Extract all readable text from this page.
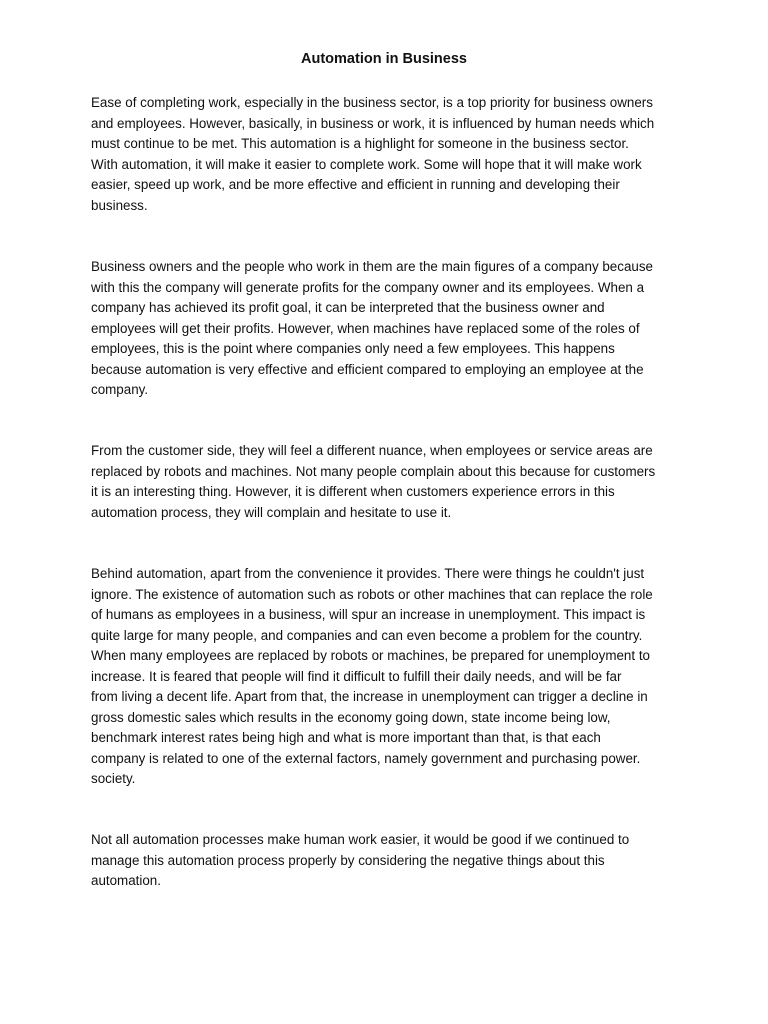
Automation in Business

Ease of completing work, especially in the business sector, is a top priority for business owners
and employees. However, basically, in business or work, it is influenced by human needs which
must continue to be met. This automation is a highlight for someone in the business sector.
With automation, it will make it easier to complete work. Some will hope that it will make work
easier, speed up work, and be more effective and efficient in running and developing their
business.

Business owners and the people who work in them are the main figures of a company because
with this the company will generate profits for the company owner and its employees. When a
company has achieved its profit goal, it can be interpreted that the business owner and
employees will get their profits. However, when machines have replaced some of the roles of
employees, this is the point where companies only need a few employees. This happens
because automation is very effective and efficient compared to employing an employee at the
company.

From the customer side, they will feel a different nuance, when employees or service areas are
replaced by robots and machines. Not many people complain about this because for customers
it is an interesting thing. However, it is different when customers experience errors in this
automation process, they will complain and hesitate to use it.

Behind automation, apart from the convenience it provides. There were things he couldn't just
ignore. The existence of automation such as robots or other machines that can replace the role
of humans as employees in a business, will spur an increase in unemployment. This impact is
quite large for many people, and companies and can even become a problem for the country.
When many employees are replaced by robots or machines, be prepared for unemployment to
increase. It is feared that people will find it difficult to fulfill their daily needs, and will be far
from living a decent life. Apart from that, the increase in unemployment can trigger a decline in
gross domestic sales which results in the economy going down, state income being low,
benchmark interest rates being high and what is more important than that, is that each
company is related to one of the external factors, namely government and purchasing power.
society.

Not all automation processes make human work easier, it would be good if we continued to
manage this automation process properly by considering the negative things about this
automation.
